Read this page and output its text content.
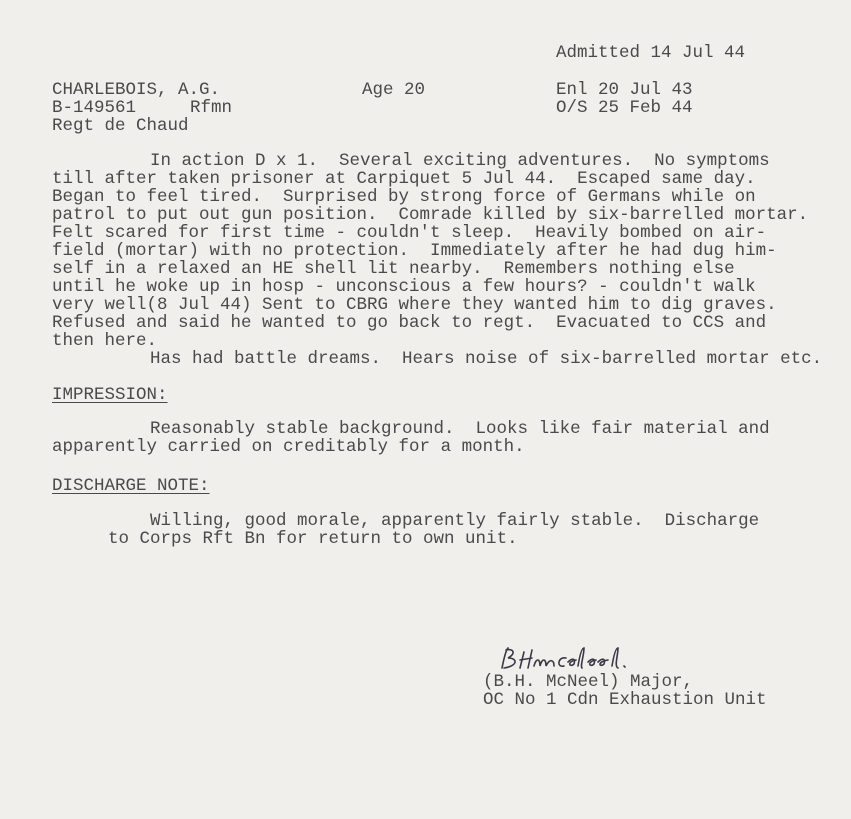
Admitted 14 Jul 44
CHARLEBOIS, A.G.	Age 20	Enl 20 Jul 43
B-149561	Rfmn	O/S 25 Feb 44
Regt de Chaud
In action D x 1.  Several exciting adventures.  No symptoms
till after taken prisoner at Carpiquet 5 Jul 44.  Escaped same day.
Began to feel tired.  Surprised by strong force of Germans while on
patrol to put out gun position.  Comrade killed by six-barrelled mortar.
Felt scared for first time - couldn't sleep.  Heavily bombed on air-
field (mortar) with no protection.  Immediately after he had dug him-
self in a relaxed an HE shell lit nearby.  Remembers nothing else
until he woke up in hosp - unconscious a few hours? - couldn't walk
very well(8 Jul 44) Sent to CBRG where they wanted him to dig graves.
Refused and said he wanted to go back to regt.  Evacuated to CCS and
then here.
Has had battle dreams.  Hears noise of six-barrelled mortar etc.
IMPRESSION:
Reasonably stable background.  Looks like fair material and
apparently carried on creditably for a month.
DISCHARGE NOTE:
Willing, good morale, apparently fairly stable.  Discharge
to Corps Rft Bn for return to own unit.
(B.H. McNeel) Major,
OC No 1 Cdn Exhaustion Unit
